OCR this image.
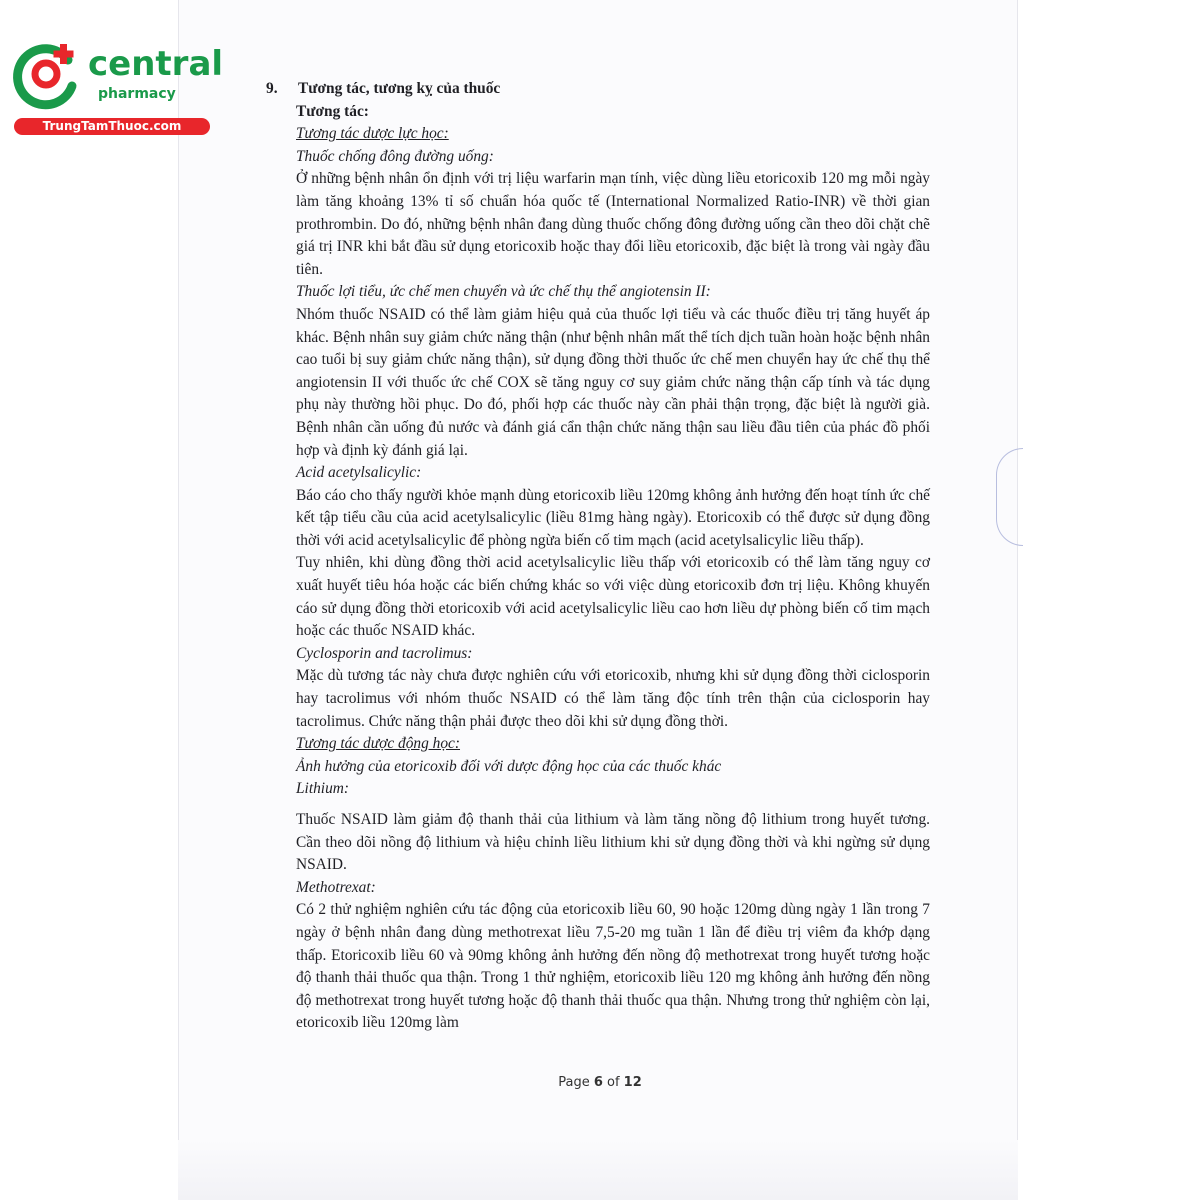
central
pharmacy
TrungTamThuoc.com
9. Tương tác, tương kỵ của thuốc

Tương tác:

Tương tác dược lực học:

Thuốc chống đông đường uống:

Ở những bệnh nhân ổn định với trị liệu warfarin mạn tính, việc dùng liều etoricoxib 120 mg mỗi ngày làm tăng khoảng 13% tỉ số chuẩn hóa quốc tế (International Normalized Ratio-INR) về thời gian prothrombin. Do đó, những bệnh nhân đang dùng thuốc chống đông đường uống cần theo dõi chặt chẽ giá trị INR khi bắt đầu sử dụng etoricoxib hoặc thay đổi liều etoricoxib, đặc biệt là trong vài ngày đầu tiên.

Thuốc lợi tiểu, ức chế men chuyển và ức chế thụ thể angiotensin II:

Nhóm thuốc NSAID có thể làm giảm hiệu quả của thuốc lợi tiểu và các thuốc điều trị tăng huyết áp khác. Bệnh nhân suy giảm chức năng thận (như bệnh nhân mất thể tích dịch tuần hoàn hoặc bệnh nhân cao tuổi bị suy giảm chức năng thận), sử dụng đồng thời thuốc ức chế men chuyển hay ức chế thụ thể angiotensin II với thuốc ức chế COX sẽ tăng nguy cơ suy giảm chức năng thận cấp tính và tác dụng phụ này thường hồi phục. Do đó, phối hợp các thuốc này cần phải thận trọng, đặc biệt là người già. Bệnh nhân cần uống đủ nước và đánh giá cẩn thận chức năng thận sau liều đầu tiên của phác đồ phối hợp và định kỳ đánh giá lại.

Acid acetylsalicylic:

Báo cáo cho thấy người khỏe mạnh dùng etoricoxib liều 120mg không ảnh hưởng đến hoạt tính ức chế kết tập tiểu cầu của acid acetylsalicylic (liều 81mg hàng ngày). Etoricoxib có thể được sử dụng đồng thời với acid acetylsalicylic để phòng ngừa biến cố tim mạch (acid acetylsalicylic liều thấp).

Tuy nhiên, khi dùng đồng thời acid acetylsalicylic liều thấp với etoricoxib có thể làm tăng nguy cơ xuất huyết tiêu hóa hoặc các biến chứng khác so với việc dùng etoricoxib đơn trị liệu. Không khuyến cáo sử dụng đồng thời etoricoxib với acid acetylsalicylic liều cao hơn liều dự phòng biến cố tim mạch hoặc các thuốc NSAID khác.

Cyclosporin and tacrolimus:

Mặc dù tương tác này chưa được nghiên cứu với etoricoxib, nhưng khi sử dụng đồng thời ciclosporin hay tacrolimus với nhóm thuốc NSAID có thể làm tăng độc tính trên thận của ciclosporin hay tacrolimus. Chức năng thận phải được theo dõi khi sử dụng đồng thời.

Tương tác dược động học:

Ảnh hưởng của etoricoxib đối với dược động học của các thuốc khác

Lithium:

Thuốc NSAID làm giảm độ thanh thải của lithium và làm tăng nồng độ lithium trong huyết tương. Cần theo dõi nồng độ lithium và hiệu chỉnh liều lithium khi sử dụng đồng thời và khi ngừng sử dụng NSAID.

Methotrexat:

Có 2 thử nghiệm nghiên cứu tác động của etoricoxib liều 60, 90 hoặc 120mg dùng ngày 1 lần trong 7 ngày ở bệnh nhân đang dùng methotrexat liều 7,5-20 mg tuần 1 lần để điều trị viêm đa khớp dạng thấp. Etoricoxib liều 60 và 90mg không ảnh hưởng đến nồng độ methotrexat trong huyết tương hoặc độ thanh thải thuốc qua thận. Trong 1 thử nghiệm, etoricoxib liều 120 mg không ảnh hưởng đến nồng độ methotrexat trong huyết tương hoặc độ thanh thải thuốc qua thận. Nhưng trong thử nghiệm còn lại, etoricoxib liều 120mg làm

Page 6 of 12
